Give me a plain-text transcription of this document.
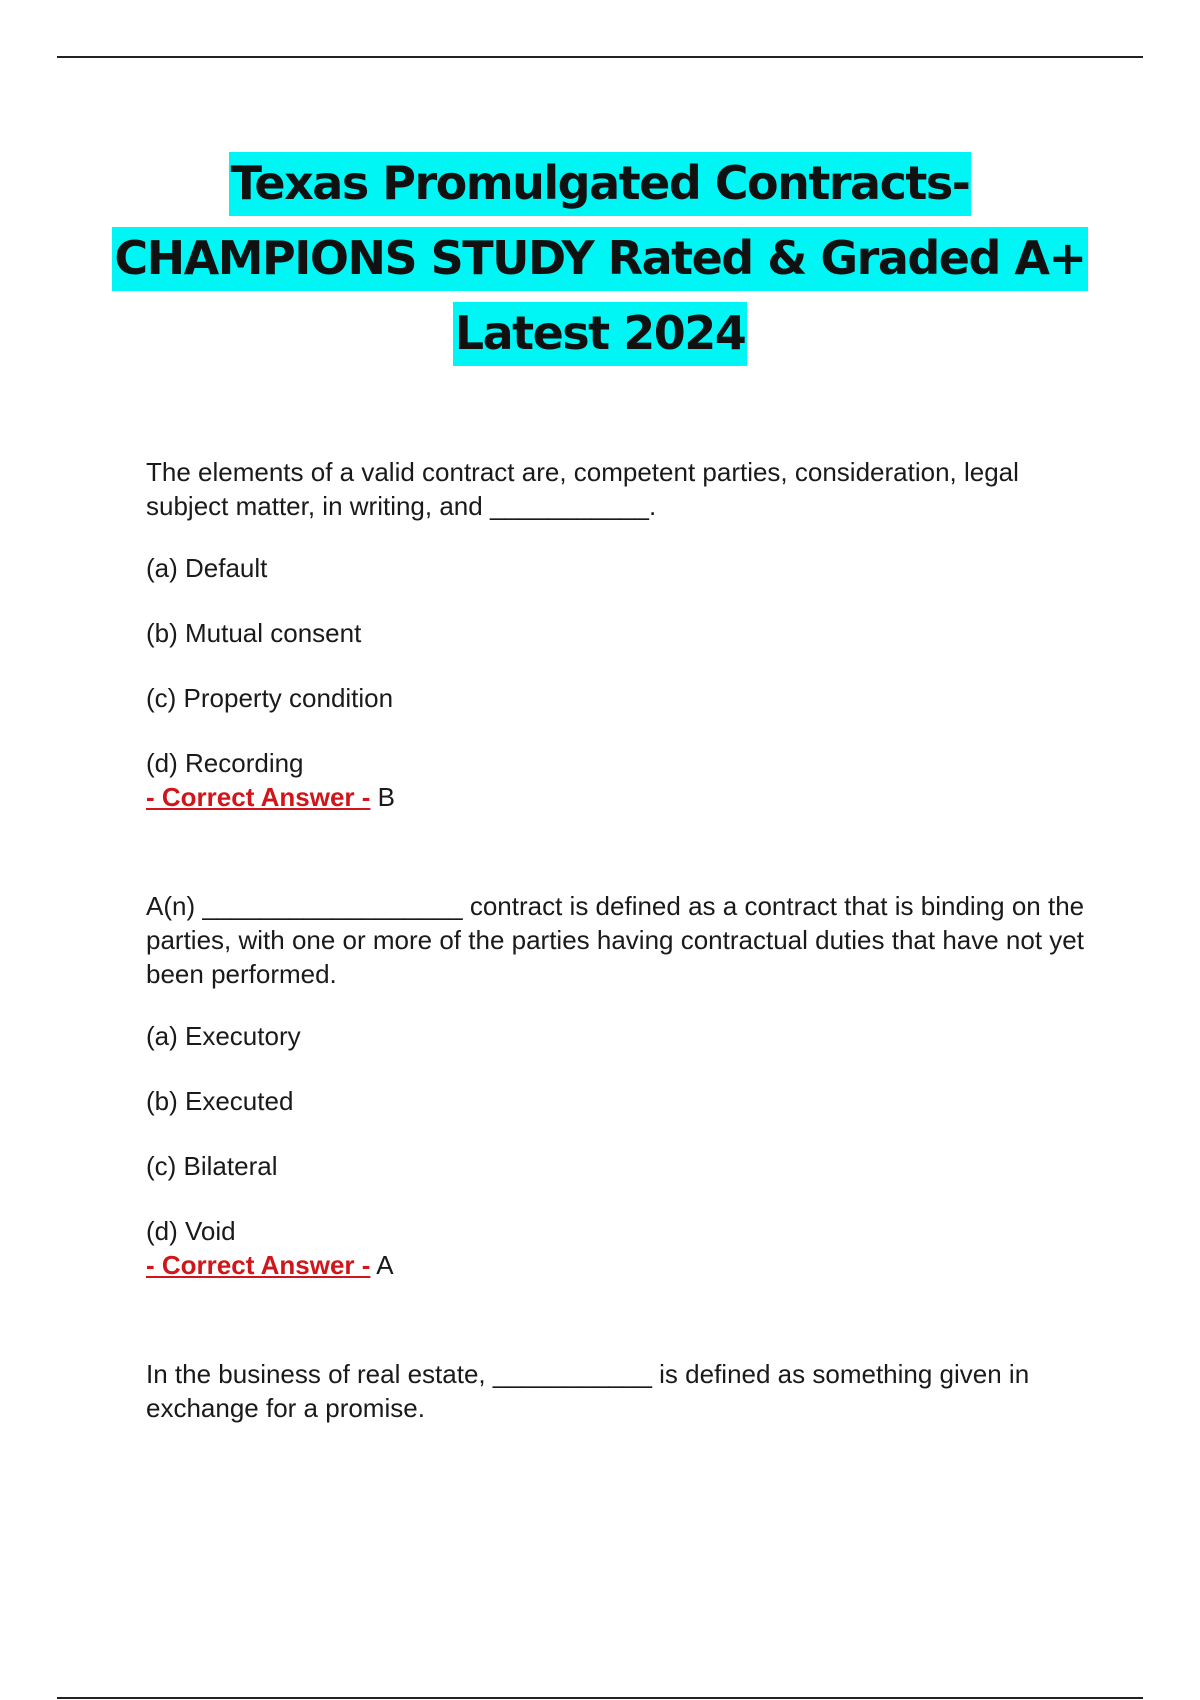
Texas Promulgated Contracts-
CHAMPIONS STUDY Rated & Graded A+
Latest 2024

The elements of a valid contract are, competent parties, consideration, legal subject matter, in writing, and ___________.

(a) Default

(b) Mutual consent

(c) Property condition

(d) Recording

- Correct Answer - B

A(n) __________________ contract is defined as a contract that is binding on the parties, with one or more of the parties having contractual duties that have not yet been performed.

(a) Executory

(b) Executed

(c) Bilateral

(d) Void

- Correct Answer - A

In the business of real estate, ___________ is defined as something given in exchange for a promise.
